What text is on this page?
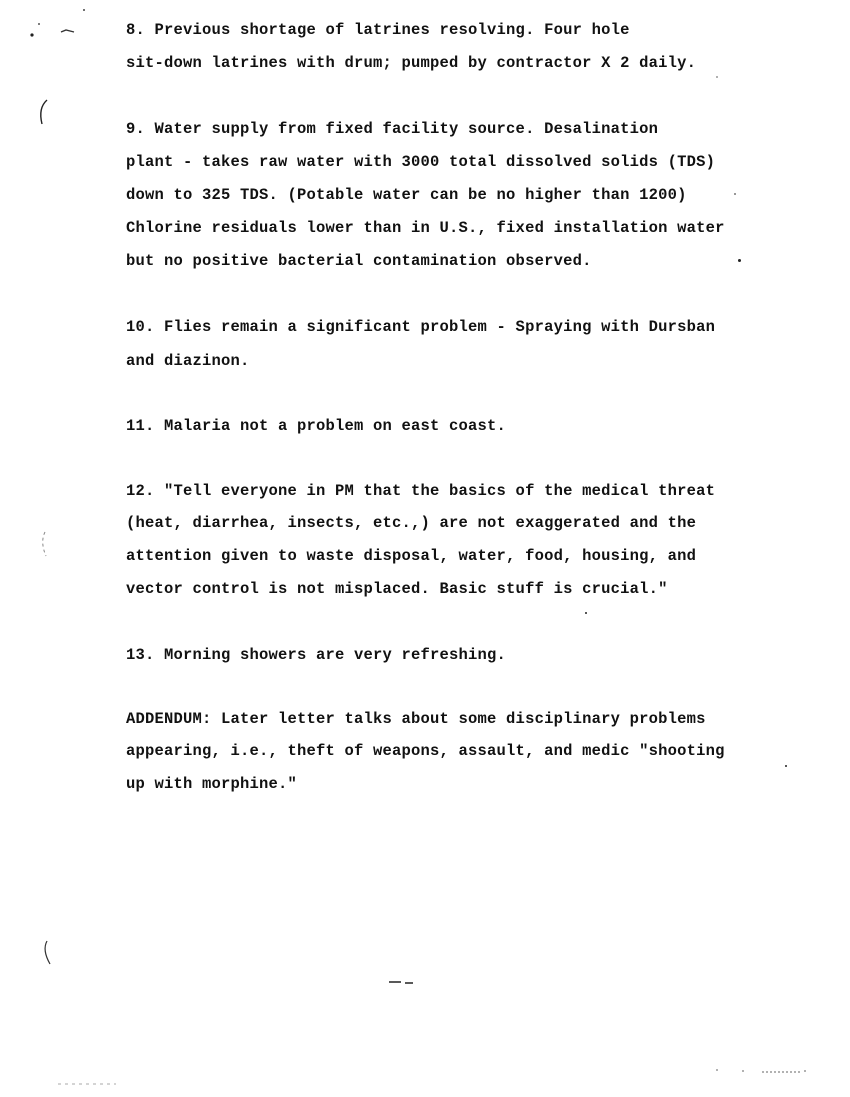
8. Previous shortage of latrines resolving. Four hole
sit-down latrines with drum; pumped by contractor X 2 daily.
9. Water supply from fixed facility source. Desalination
plant - takes raw water with 3000 total dissolved solids (TDS)
down to 325 TDS. (Potable water can be no higher than 1200)
Chlorine residuals lower than in U.S., fixed installation water
but no positive bacterial contamination observed.
10. Flies remain a significant problem - Spraying with Dursban
and diazinon.
11. Malaria not a problem on east coast.
12. "Tell everyone in PM that the basics of the medical threat
(heat, diarrhea, insects, etc.,) are not exaggerated and the
attention given to waste disposal, water, food, housing, and
vector control is not misplaced. Basic stuff is crucial."
13. Morning showers are very refreshing.
ADDENDUM: Later letter talks about some disciplinary problems
appearing, i.e., theft of weapons, assault, and medic "shooting
up with morphine."
